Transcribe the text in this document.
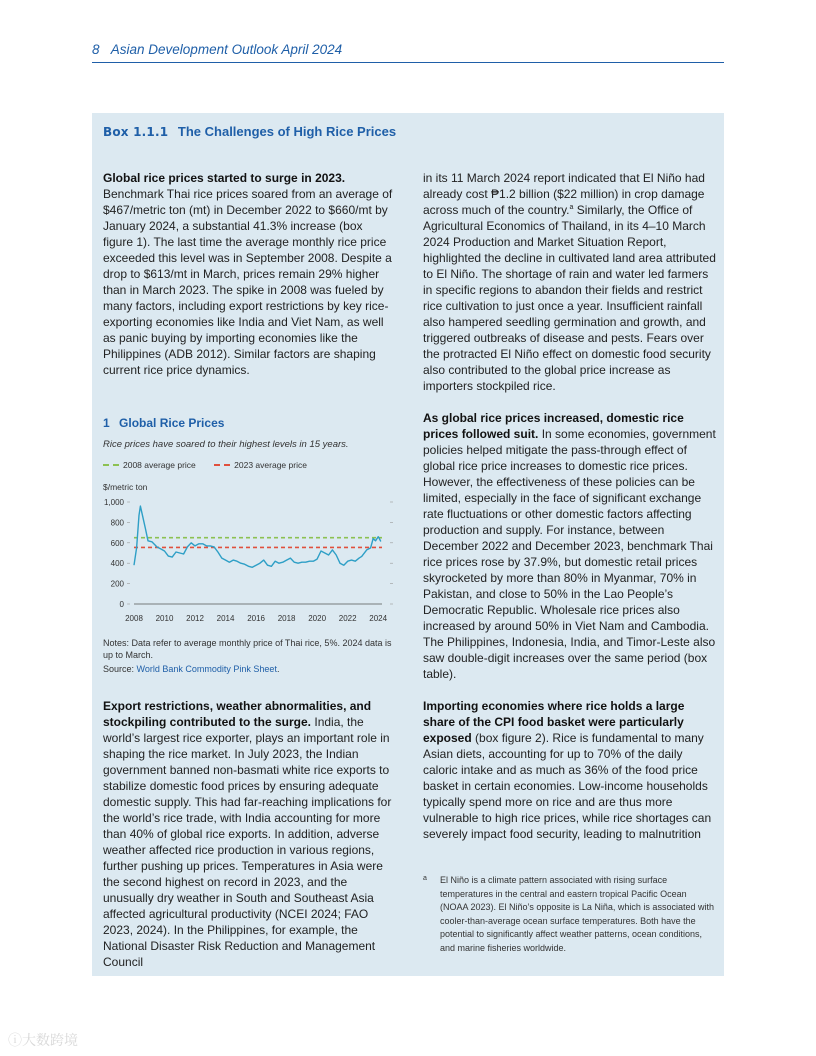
8 Asian Development Outlook April 2024
Box 1.1.1 The Challenges of High Rice Prices

Global rice prices started to surge in 2023.
Benchmark Thai rice prices soared from an average of $467/metric ton (mt) in December 2022 to $660/mt by January 2024, a substantial 41.3% increase (box figure 1). The last time the average monthly rice price exceeded this level was in September 2008. Despite a drop to $613/mt in March, prices remain 29% higher than in March 2023. The spike in 2008 was fueled by many factors, including export restrictions by key rice-exporting economies like India and Viet Nam, as well as panic buying by importing economies like the Philippines (ADB 2012). Similar factors are shaping current rice price dynamics.

1 Global Rice Prices
Rice prices have soared to their highest levels in 15 years.
2008 average price
	2023 average price
$/metric ton
0
200
400
600
800
1,000
2008 2010 2012 2014 2016 2018 2020 2022 2024

Notes: Data refer to average monthly price of Thai rice, 5%. 2024 data is up to March.

Source: World Bank Commodity Pink Sheet.

Export restrictions, weather abnormalities, and stockpiling contributed to the surge. India, the world’s largest rice exporter, plays an important role in shaping the rice market. In July 2023, the Indian government banned non-basmati white rice exports to stabilize domestic food prices by ensuring adequate domestic supply. This had far-reaching implications for the world’s rice trade, with India accounting for more than 40% of global rice exports. In addition, adverse weather affected rice production in various regions, further pushing up prices. Temperatures in Asia were the second highest on record in 2023, and the unusually dry weather in South and Southeast Asia affected agricultural productivity (NCEI 2024; FAO 2023, 2024). In the Philippines, for example, the National Disaster Risk Reduction and Management Council

in its 11 March 2024 report indicated that El Niño had already cost ₱1.2 billion ($22 million) in crop damage across much of the country.$^a$ Similarly, the Office of Agricultural Economics of Thailand, in its 4–10 March 2024 Production and Market Situation Report, highlighted the decline in cultivated land area attributed to El Niño. The shortage of rain and water led farmers in specific regions to abandon their fields and restrict rice cultivation to just once a year. Insufficient rainfall also hampered seedling germination and growth, and triggered outbreaks of disease and pests. Fears over the protracted El Niño effect on domestic food security also contributed to the global price increase as importers stockpiled rice.

As global rice prices increased, domestic rice prices followed suit. In some economies, government policies helped mitigate the pass-through effect of global rice price increases to domestic rice prices. However, the effectiveness of these policies can be limited, especially in the face of significant exchange rate fluctuations or other domestic factors affecting production and supply. For instance, between December 2022 and December 2023, benchmark Thai rice prices rose by 37.9%, but domestic retail prices skyrocketed by more than 80% in Myanmar, 70% in Pakistan, and close to 50% in the Lao People’s Democratic Republic. Wholesale rice prices also increased by around 50% in Viet Nam and Cambodia. The Philippines, Indonesia, India, and Timor-Leste also saw double-digit increases over the same period (box table).

Importing economies where rice holds a large share of the CPI food basket were particularly exposed (box figure 2). Rice is fundamental to many Asian diets, accounting for up to 70% of the daily caloric intake and as much as 36% of the food price basket in certain economies. Low-income households typically spend more on rice and are thus more vulnerable to high rice prices, while rice shortages can severely impact food security, leading to malnutrition

a El Niño is a climate pattern associated with rising surface temperatures in the central and eastern tropical Pacific Ocean (NOAA 2023). El Niño’s opposite is La Niña, which is associated with cooler-than-average ocean surface temperatures. Both have the potential to significantly affect weather patterns, ocean conditions, and marine fisheries worldwide.
ⓘ大数跨境
